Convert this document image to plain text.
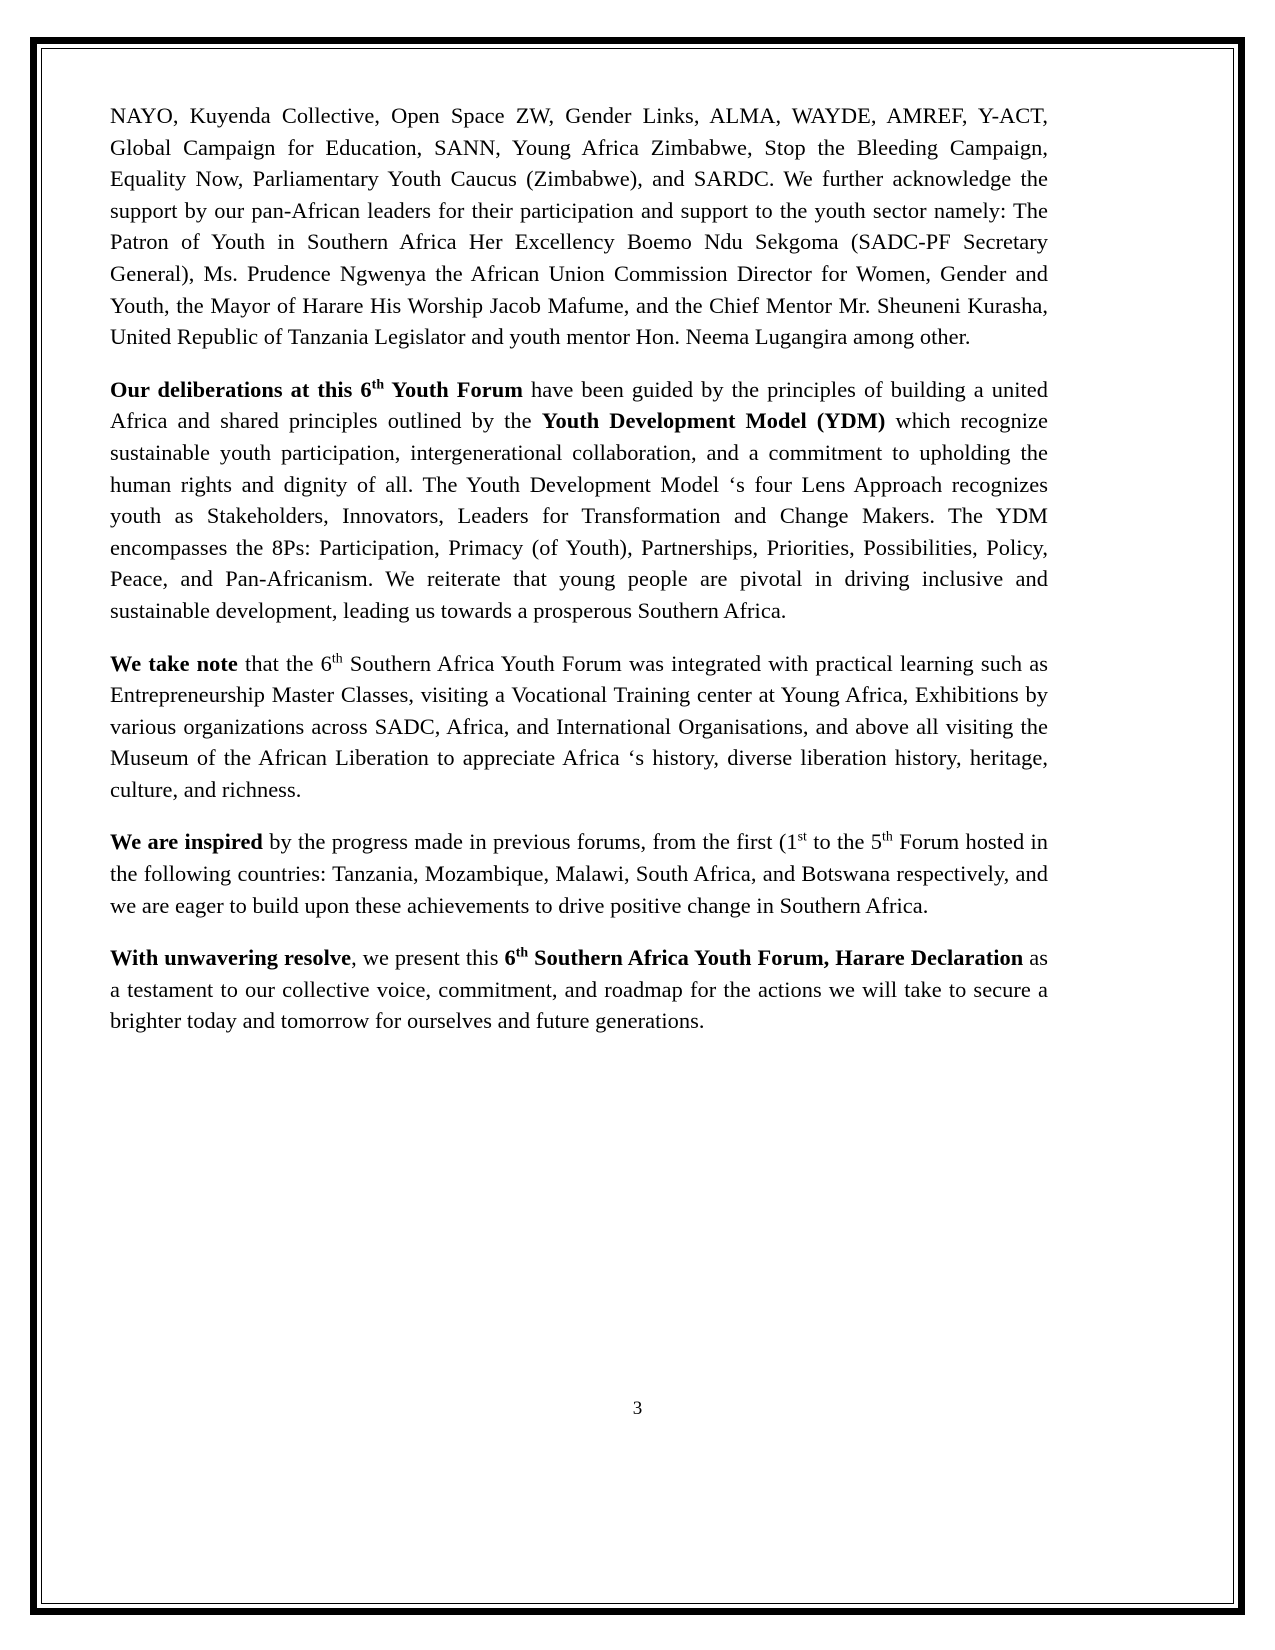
NAYO, Kuyenda Collective, Open Space ZW, Gender Links, ALMA, WAYDE, AMREF, Y-ACT, Global Campaign for Education, SANN, Young Africa Zimbabwe, Stop the Bleeding Campaign, Equality Now, Parliamentary Youth Caucus (Zimbabwe), and SARDC. We further acknowledge the support by our pan-African leaders for their participation and support to the youth sector namely: The Patron of Youth in Southern Africa Her Excellency Boemo Ndu Sekgoma (SADC-PF Secretary General), Ms. Prudence Ngwenya the African Union Commission Director for Women, Gender and Youth, the Mayor of Harare His Worship Jacob Mafume, and the Chief Mentor Mr. Sheuneni Kurasha, United Republic of Tanzania Legislator and youth mentor Hon. Neema Lugangira among other.

Our deliberations at this 6th Youth Forum have been guided by the principles of building a united Africa and shared principles outlined by the Youth Development Model (YDM) which recognize sustainable youth participation, intergenerational collaboration, and a commitment to upholding the human rights and dignity of all. The Youth Development Model ‘s four Lens Approach recognizes youth as Stakeholders, Innovators, Leaders for Transformation and Change Makers. The YDM encompasses the 8Ps: Participation, Primacy (of Youth), Partnerships, Priorities, Possibilities, Policy, Peace, and Pan-Africanism. We reiterate that young people are pivotal in driving inclusive and sustainable development, leading us towards a prosperous Southern Africa.

We take note that the 6th Southern Africa Youth Forum was integrated with practical learning such as Entrepreneurship Master Classes, visiting a Vocational Training center at Young Africa, Exhibitions by various organizations across SADC, Africa, and International Organisations, and above all visiting the Museum of the African Liberation to appreciate Africa ‘s history, diverse liberation history, heritage, culture, and richness.

We are inspired by the progress made in previous forums, from the first (1st to the 5th Forum hosted in the following countries: Tanzania, Mozambique, Malawi, South Africa, and Botswana respectively, and we are eager to build upon these achievements to drive positive change in Southern Africa.

With unwavering resolve, we present this 6th Southern Africa Youth Forum, Harare Declaration as a testament to our collective voice, commitment, and roadmap for the actions we will take to secure a brighter today and tomorrow for ourselves and future generations.

3
